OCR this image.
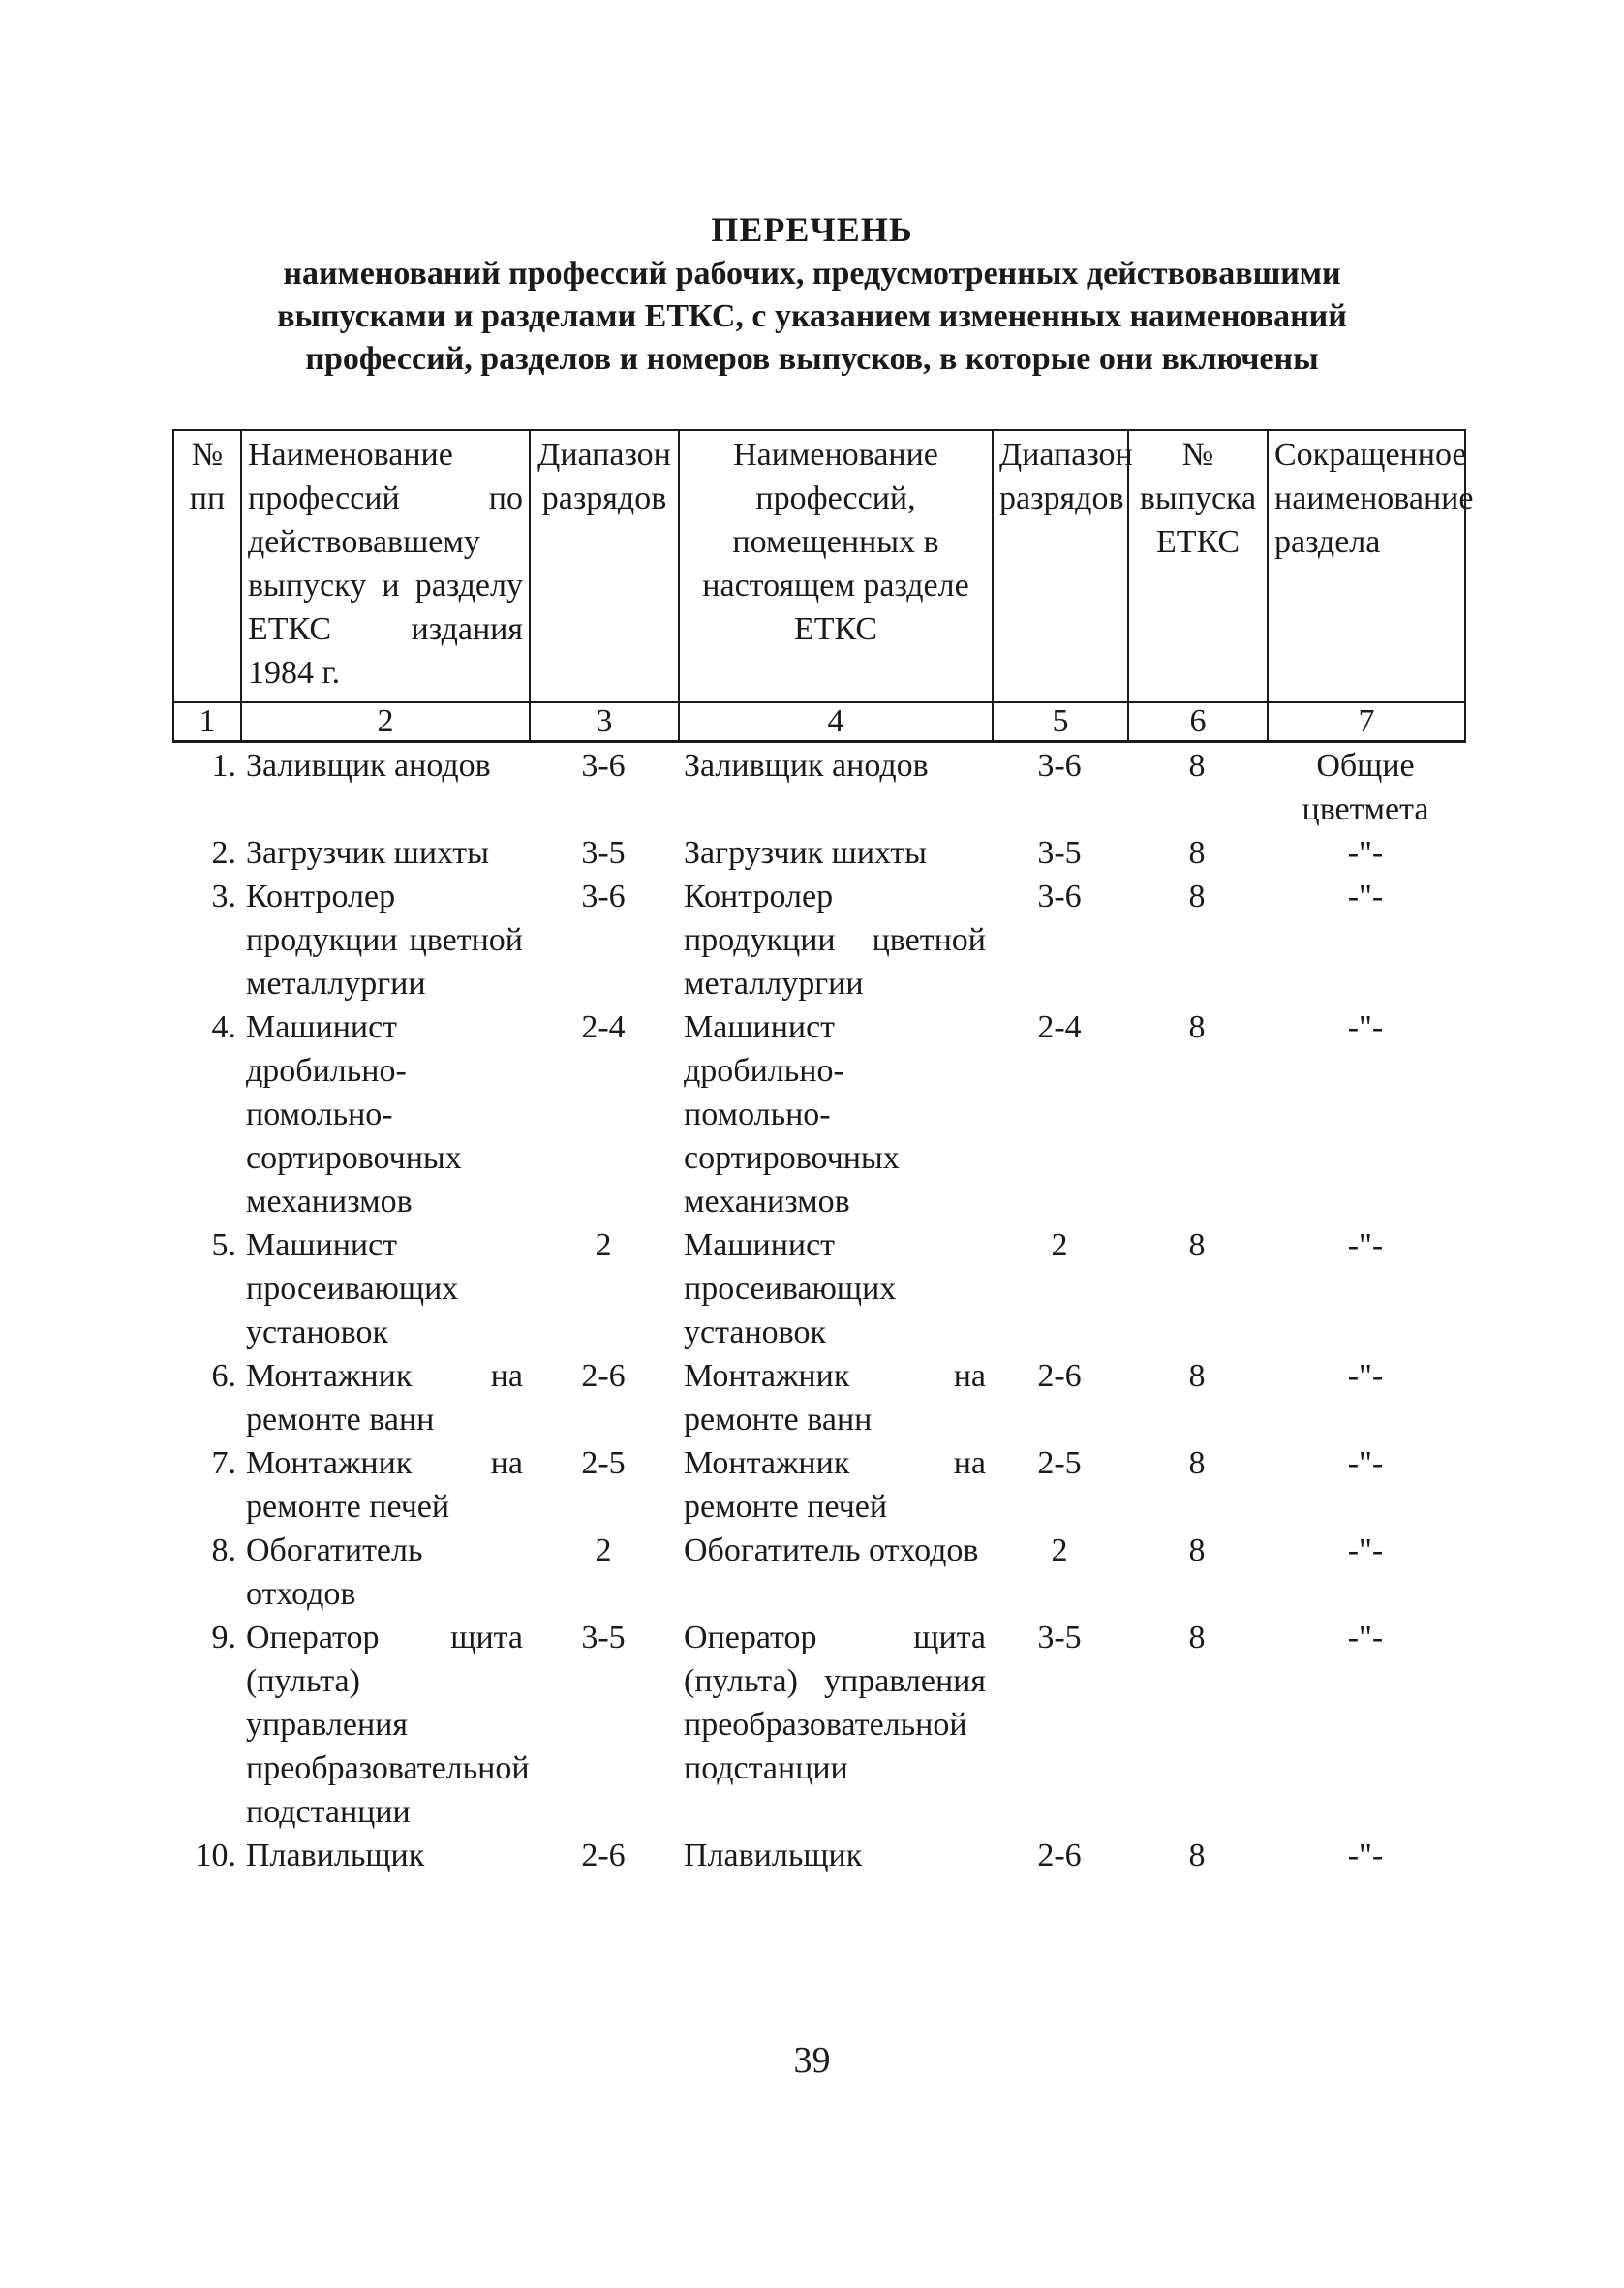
ПЕРЕЧЕНЬ
наименований профессий рабочих, предусмотренных действовавшими
выпусками и разделами ЕТКС, с указанием измененных наименований
профессий, разделов и номеров выпусков, в которые они включены
№ пп	Наименование профессий по действовавшему выпуску и разделу ЕТКС издания 1984 г.	Диапазон разрядов	Наименование профессий, помещенных в настоящем разделе ЕТКС	Диапазон разрядов	№ выпуска ЕТКС	Сокращенное наименование раздела
1	2	3	4	5	6	7
1.	Заливщик анодов	3-6	Заливщик анодов	3-6	8	Общие цветмета
2.	Загрузчик шихты	3-5	Загрузчик шихты	3-5	8	-"-
3.	Контролер продукции цветной металлургии	3-6	Контролер продукции цветной металлургии	3-6	8	-"-
4.	Машинист дробильно-помольно-сортировочных механизмов	2-4	Машинист дробильно-помольно-сортировочных механизмов	2-4	8	-"-
5.	Машинист просеивающих установок	2	Машинист просеивающих установок	2	8	-"-
6.	Монтажник на ремонте ванн	2-6	Монтажник на ремонте ванн	2-6	8	-"-
7.	Монтажник на ремонте печей	2-5	Монтажник на ремонте печей	2-5	8	-"-
8.	Обогатитель отходов	2	Обогатитель отходов	2	8	-"-
9.	Оператор щита (пульта) управления преобразовательной подстанции	3-5	Оператор щита (пульта) управления преобразовательной подстанции	3-5	8	-"-
10.	Плавильщик	2-6	Плавильщик	2-6	8	-"-
39
